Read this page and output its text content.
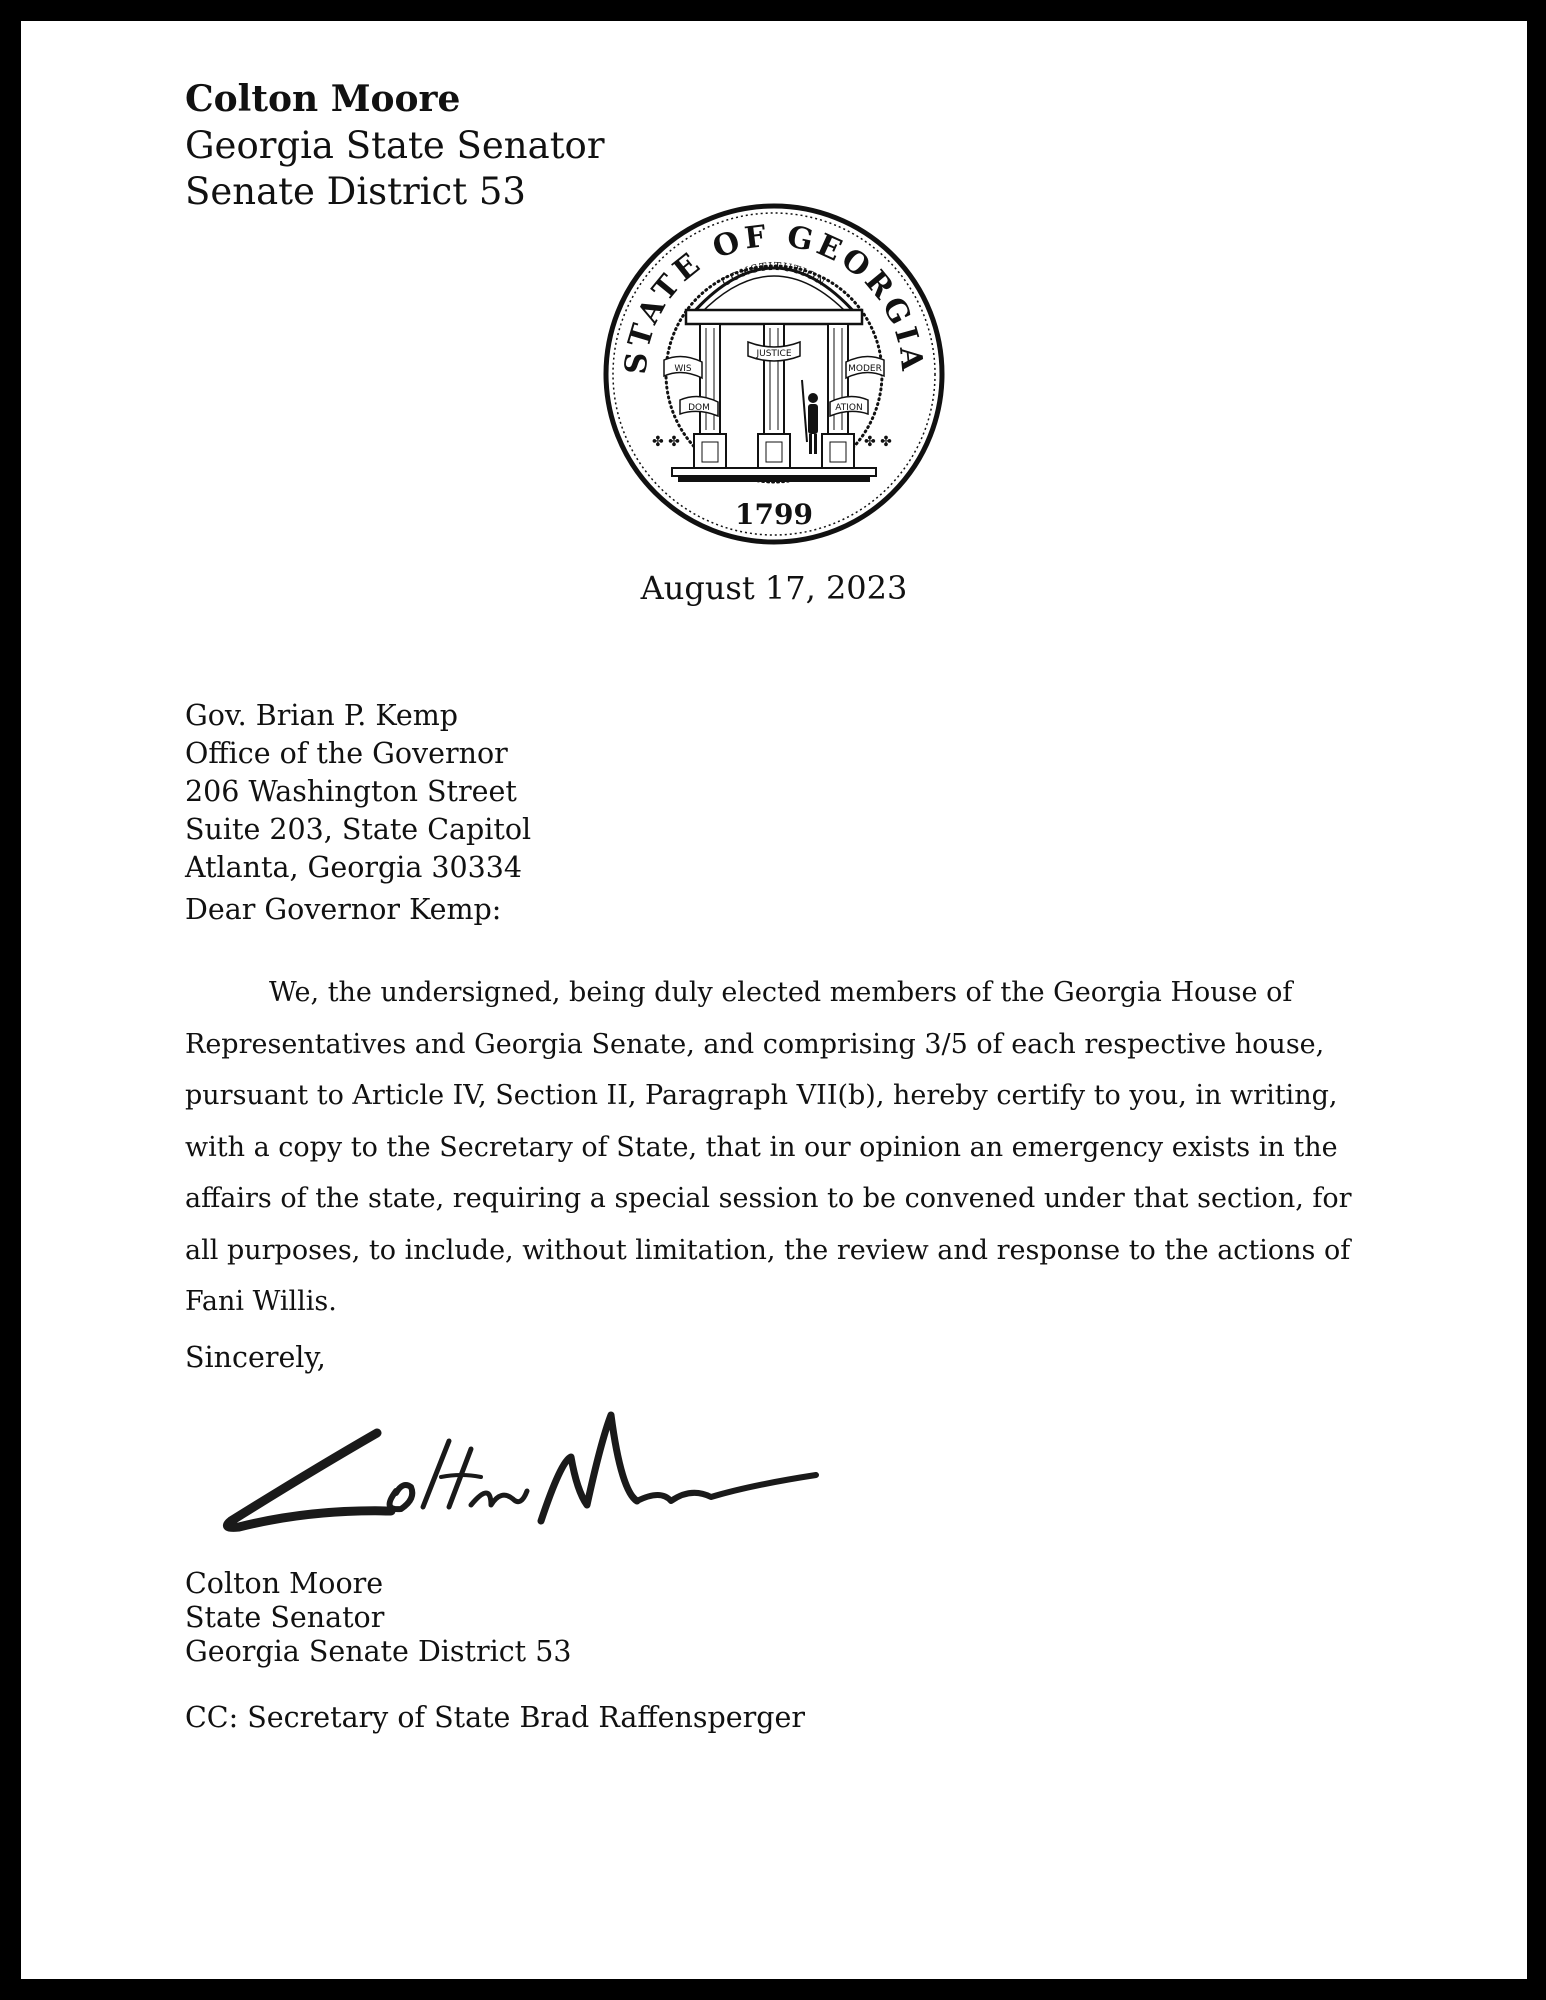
Colton Moore

Georgia State Senator

Senate District 53

STATE OF GEORGIA
1799
CONSTITUTION
WIS
DOM
JUSTICE
MODER
ATION
✤ ✤	✤ ✤
August 17, 2023
Gov. Brian P. Kemp
Office of the Governor
206 Washington Street
Suite 203, State Capitol
Atlanta, Georgia 30334
Dear Governor Kemp:

We, the undersigned, being duly elected members of the Georgia House of Representatives and Georgia Senate, and comprising 3/5 of each respective house, pursuant to Article IV, Section II, Paragraph VII(b), hereby certify to you, in writing, with a copy to the Secretary of State, that in our opinion an emergency exists in the affairs of the state, requiring a special session to be convened under that section, for all purposes, to include, without limitation, the review and response to the actions of Fani Willis.

Sincerely,
Colton Moore
State Senator
Georgia Senate District 53
CC: Secretary of State Brad Raffensperger
